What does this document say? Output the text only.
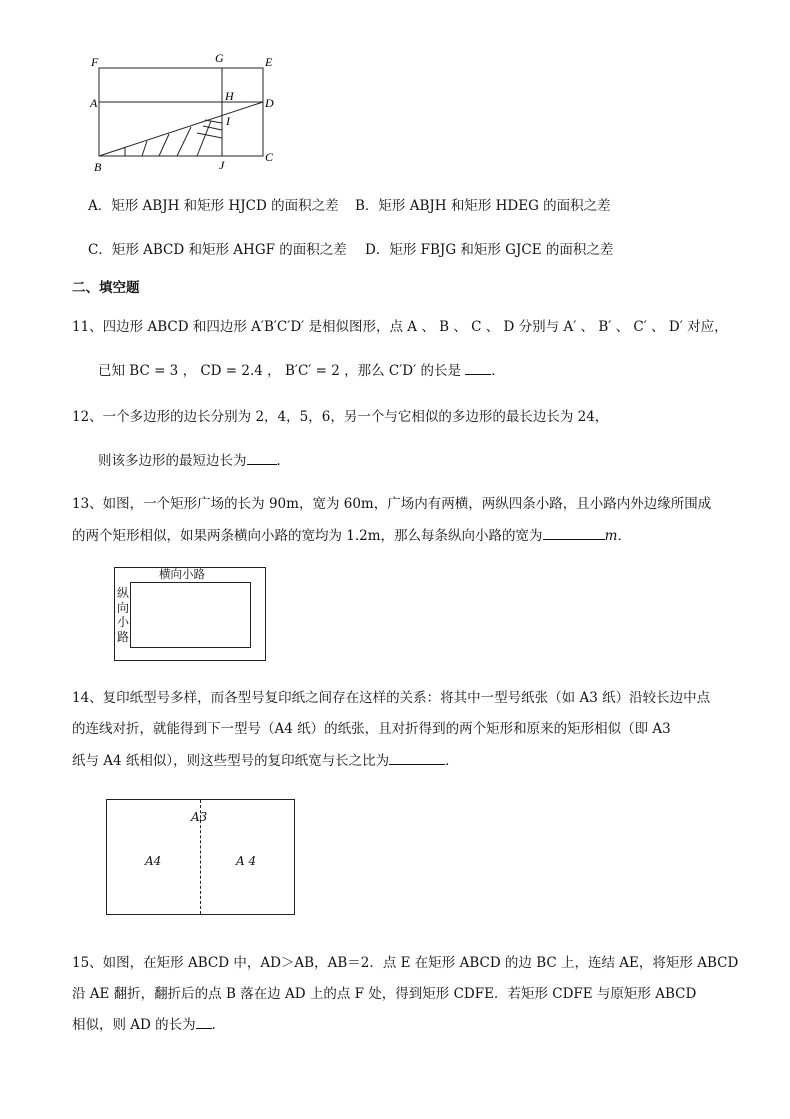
F	G	E
A	H	D
I
B	J
C
A．矩形 ABJH 和矩形 HJCD 的面积之差 B．矩形 ABJH 和矩形 HDEG 的面积之差
C．矩形 ABCD 和矩形 AHGF 的面积之差 D．矩形 FBJG 和矩形 GJCE 的面积之差
二、填空题
11、四边形 ABCD 和四边形 A′B′C′D′ 是相似图形，点 A 、 B 、 C 、 D 分别与 A′ 、 B′ 、 C′ 、 D′ 对应，
已知 BC = 3 ， CD = 2.4 ， B′C′ = 2 ，那么 C′D′ 的长是 ．
12、一个多边形的边长分别为 2，4，5，6，另一个与它相似的多边形的最长边长为 24，
则该多边形的最短边长为 ．
13、如图，一个矩形广场的长为 90m，宽为 60m，广场内有两横，两纵四条小路，且小路内外边缘所围成
的两个矩形相似，如果两条横向小路的宽均为 1.2m，那么每条纵向小路的宽为	m．
横向小路
纵
向
小
路
14、复印纸型号多样，而各型号复印纸之间存在这样的关系：将其中一型号纸张（如 A3 纸）沿较长边中点
的连线对折，就能得到下一型号（A4 纸）的纸张，且对折得到的两个矩形和原来的矩形相似（即 A3
纸与 A4 纸相似），则这些型号的复印纸宽与长之比为	．
A3
A4	A 4
15、如图，在矩形 ABCD 中，AD＞AB，AB＝2．点 E 在矩形 ABCD 的边 BC 上，连结 AE，将矩形 ABCD
沿 AE 翻折，翻折后的点 B 落在边 AD 上的点 F 处，得到矩形 CDFE．若矩形 CDFE 与原矩形 ABCD
相似，则 AD 的长为 ．
